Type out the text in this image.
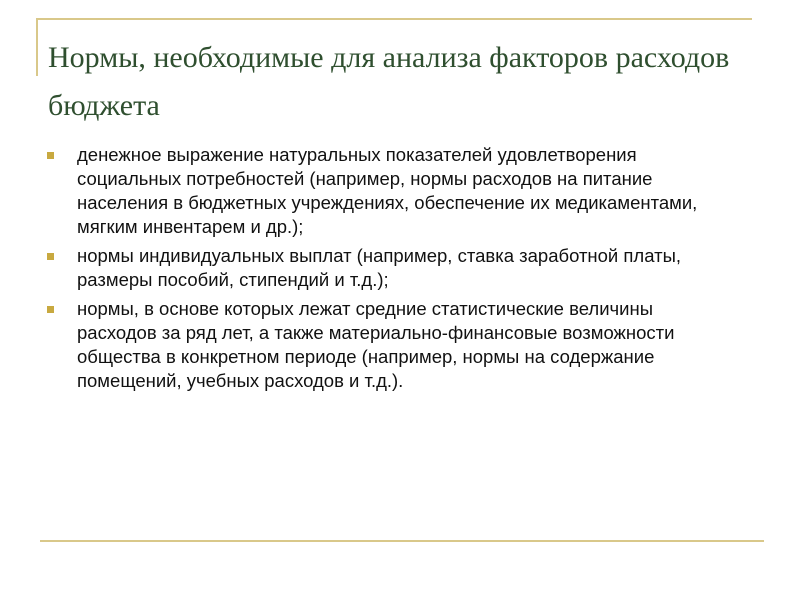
Нормы, необходимые для анализа факторов расходов бюджета
денежное выражение натуральных показателей удовлетворения социальных потребностей (например, нормы расходов на питание населения в бюджетных учреждениях, обеспечение их медикаментами, мягким инвентарем и др.);
нормы индивидуальных выплат (например, ставка заработной платы, размеры пособий, стипендий и т.д.);
нормы, в основе которых лежат средние статистические величины расходов за ряд лет, а также материально-финансовые возможности общества в конкретном периоде (например, нормы на содержание помещений, учебных расходов и т.д.).
